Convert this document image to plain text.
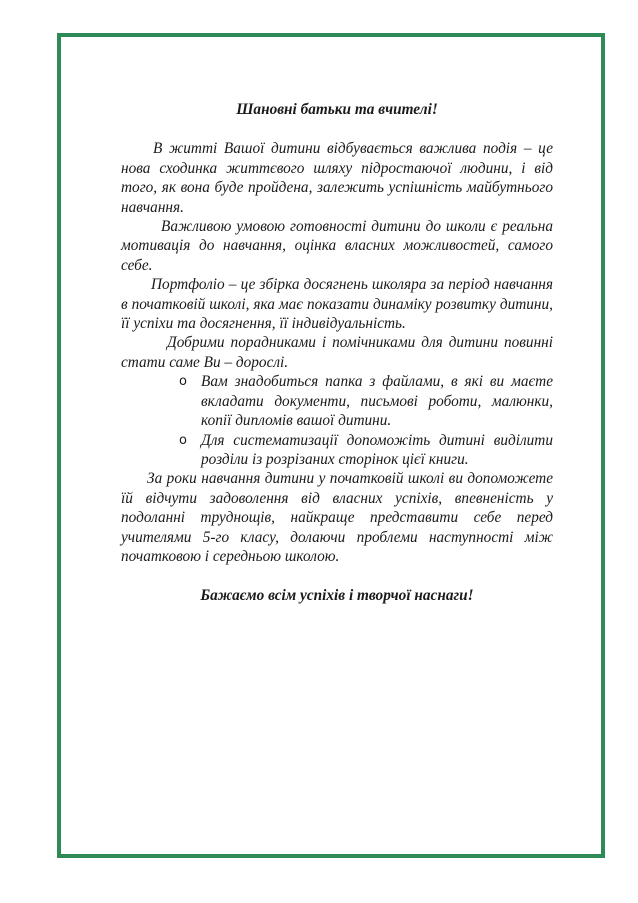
Шановні батьки та вчителі!

В житті Вашої дитини відбувається важлива подія – це нова сходинка життєвого шляху підростаючої людини, і від того, як вона буде пройдена, залежить успішність майбутнього навчання.

Важливою умовою готовності дитини до школи є реальна мотивація до навчання, оцінка власних можливостей, самого себе.

Портфоліо – це збірка досягнень школяра за період навчання в початковій школі, яка має показати динаміку розвитку дитини, її успіхи та досягнення, її індивідуальність.

Добрими порадниками і помічниками для дитини повинні стати саме Ви – дорослі.

o Вам знадобиться папка з файлами, в які ви маєте вкладати документи, письмові роботи, малюнки, копії дипломів вашої дитини.
o Для систематизації допоможіть дитині виділити розділи із розрізаних сторінок цієї книги.

За роки навчання дитини у початковій школі ви допоможете їй відчути задоволення від власних успіхів, впевненість у подоланні труднощів, найкраще представити себе перед учителями 5-го класу, долаючи проблеми наступності між початковою і середньою школою.

Бажаємо всім успіхів і творчої наснаги!
